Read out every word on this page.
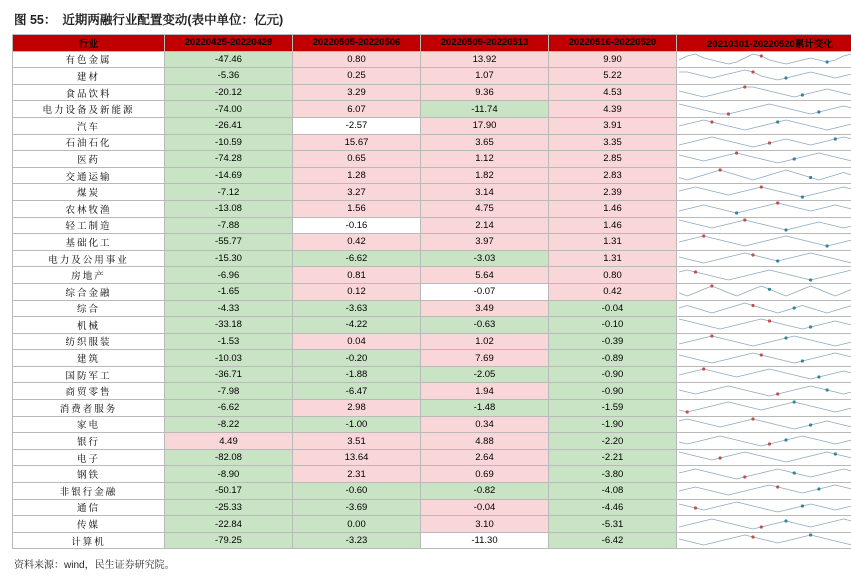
图 55： 近期两融行业配置变动(表中单位：亿元)
行业	20220425-20220429	20220505-20220506	20220509-20220513	20220516-20220520	20210301-20220520累计变化
有色金属	-47.46	0.80	13.92	9.90	

建材	-5.36	0.25	1.07	5.22	

食品饮料	-20.12	3.29	9.36	4.53	

电力设备及新能源	-74.00	6.07	-11.74	4.39	

汽车	-26.41	-2.57	17.90	3.91	

石油石化	-10.59	15.67	3.65	3.35	

医药	-74.28	0.65	1.12	2.85	

交通运输	-14.69	1.28	1.82	2.83	

煤炭	-7.12	3.27	3.14	2.39	

农林牧渔	-13.08	1.56	4.75	1.46	

轻工制造	-7.88	-0.16	2.14	1.46	

基础化工	-55.77	0.42	3.97	1.31	

电力及公用事业	-15.30	-6.62	-3.03	1.31	

房地产	-6.96	0.81	5.64	0.80	

综合金融	-1.65	0.12	-0.07	0.42	

综合	-4.33	-3.63	3.49	-0.04	

机械	-33.18	-4.22	-0.63	-0.10	

纺织服装	-1.53	0.04	1.02	-0.39	

建筑	-10.03	-0.20	7.69	-0.89	

国防军工	-36.71	-1.88	-2.05	-0.90	

商贸零售	-7.98	-6.47	1.94	-0.90	

消费者服务	-6.62	2.98	-1.48	-1.59	

家电	-8.22	-1.00	0.34	-1.90	

银行	4.49	3.51	4.88	-2.20	

电子	-82.08	13.64	2.64	-2.21	

钢铁	-8.90	2.31	0.69	-3.80	

非银行金融	-50.17	-0.60	-0.82	-4.08	

通信	-25.33	-3.69	-0.04	-4.46	

传媒	-22.84	0.00	3.10	-5.31	

计算机	-79.25	-3.23	-11.30	-6.42	
资料来源：wind，民生证券研究院。
